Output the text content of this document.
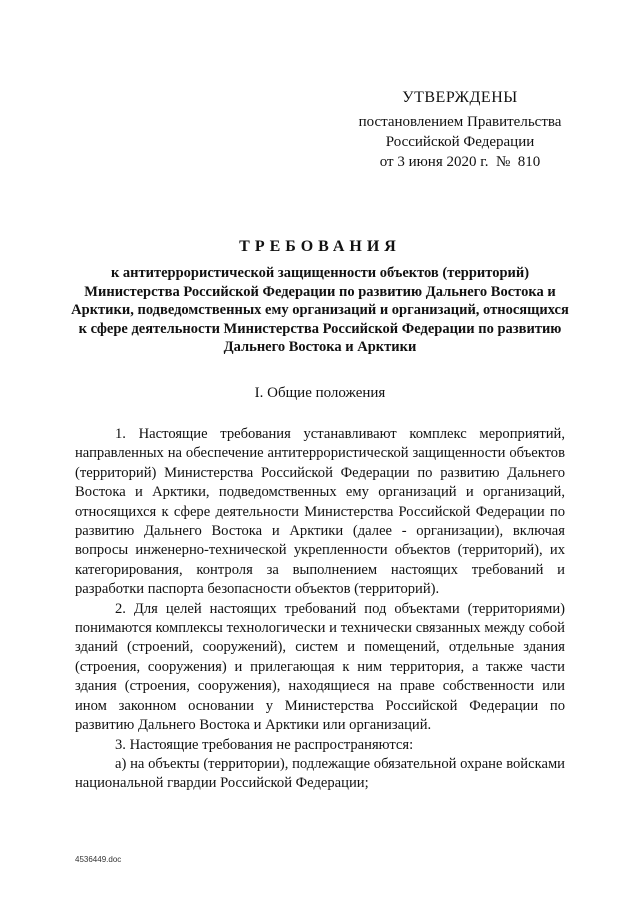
УТВЕРЖДЕНЫ
постановлением Правительства
Российской Федерации
от 3 июня 2020 г.  №  810
ТРЕБОВАНИЯ
к антитеррористической защищенности объектов (территорий) Министерства Российской Федерации по развитию Дальнего Востока и Арктики, подведомственных ему организаций и организаций, относящихся к сфере деятельности Министерства Российской Федерации по развитию Дальнего Востока и Арктики
I. Общие положения

1. Настоящие требования устанавливают комплекс мероприятий, направленных на обеспечение антитеррористической защищенности объектов (территорий) Министерства Российской Федерации по развитию Дальнего Востока и Арктики, подведомственных ему организаций и организаций, относящихся к сфере деятельности Министерства Российской Федерации по развитию Дальнего Востока и Арктики (далее - организации), включая вопросы инженерно-технической укрепленности объектов (территорий), их категорирования, контроля за выполнением настоящих требований и разработки паспорта безопасности объектов (территорий).

2. Для целей настоящих требований под объектами (территориями) понимаются комплексы технологически и технически связанных между собой зданий (строений, сооружений), систем и помещений, отдельные здания (строения, сооружения) и прилегающая к ним территория, а также части здания (строения, сооружения), находящиеся на праве собственности или ином законном основании у Министерства Российской Федерации по развитию Дальнего Востока и Арктики или организаций.

3. Настоящие требования не распространяются:

а) на объекты (территории), подлежащие обязательной охране войсками национальной гвардии Российской Федерации;

4536449.doc
